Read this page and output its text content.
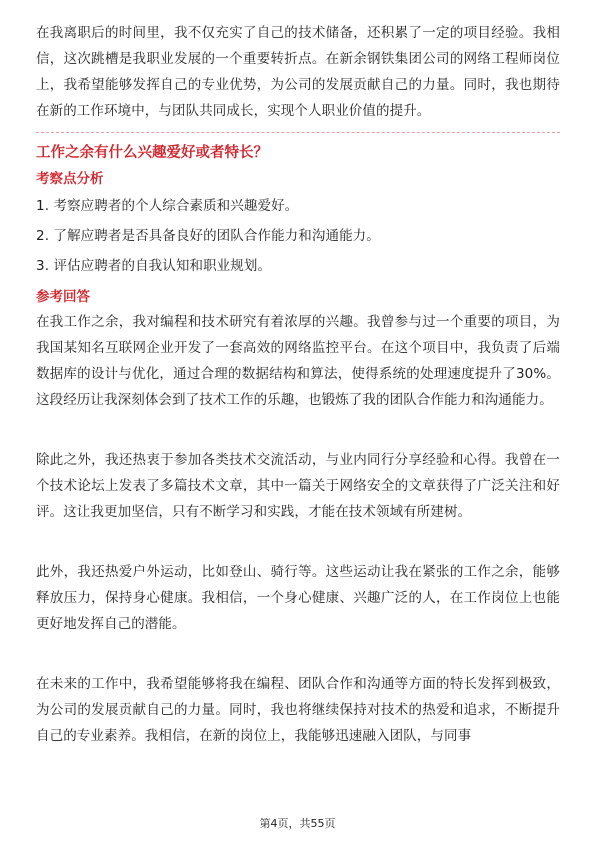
在我离职后的时间里，我不仅充实了自己的技术储备，还积累了一定的项目经验。我相信，这次跳槽是我职业发展的一个重要转折点。在新余钢铁集团公司的网络工程师岗位上，我希望能够发挥自己的专业优势，为公司的发展贡献自己的力量。同时，我也期待在新的工作环境中，与团队共同成长，实现个人职业价值的提升。

工作之余有什么兴趣爱好或者特长？
考察点分析

1. 考察应聘者的个人综合素质和兴趣爱好。

2. 了解应聘者是否具备良好的团队合作能力和沟通能力。

3. 评估应聘者的自我认知和职业规划。

参考回答

在我工作之余，我对编程和技术研究有着浓厚的兴趣。我曾参与过一个重要的项目，为我国某知名互联网企业开发了一套高效的网络监控平台。在这个项目中，我负责了后端数据库的设计与优化，通过合理的数据结构和算法，使得系统的处理速度提升了30%。这段经历让我深刻体会到了技术工作的乐趣，也锻炼了我的团队合作能力和沟通能力。

除此之外，我还热衷于参加各类技术交流活动，与业内同行分享经验和心得。我曾在一个技术论坛上发表了多篇技术文章，其中一篇关于网络安全的文章获得了广泛关注和好评。这让我更加坚信，只有不断学习和实践，才能在技术领域有所建树。

此外，我还热爱户外运动，比如登山、骑行等。这些运动让我在紧张的工作之余，能够释放压力，保持身心健康。我相信，一个身心健康、兴趣广泛的人，在工作岗位上也能更好地发挥自己的潜能。

在未来的工作中，我希望能够将我在编程、团队合作和沟通等方面的特长发挥到极致，为公司的发展贡献自己的力量。同时，我也将继续保持对技术的热爱和追求，不断提升自己的专业素养。我相信，在新的岗位上，我能够迅速融入团队，与同事

第4页，共55页
